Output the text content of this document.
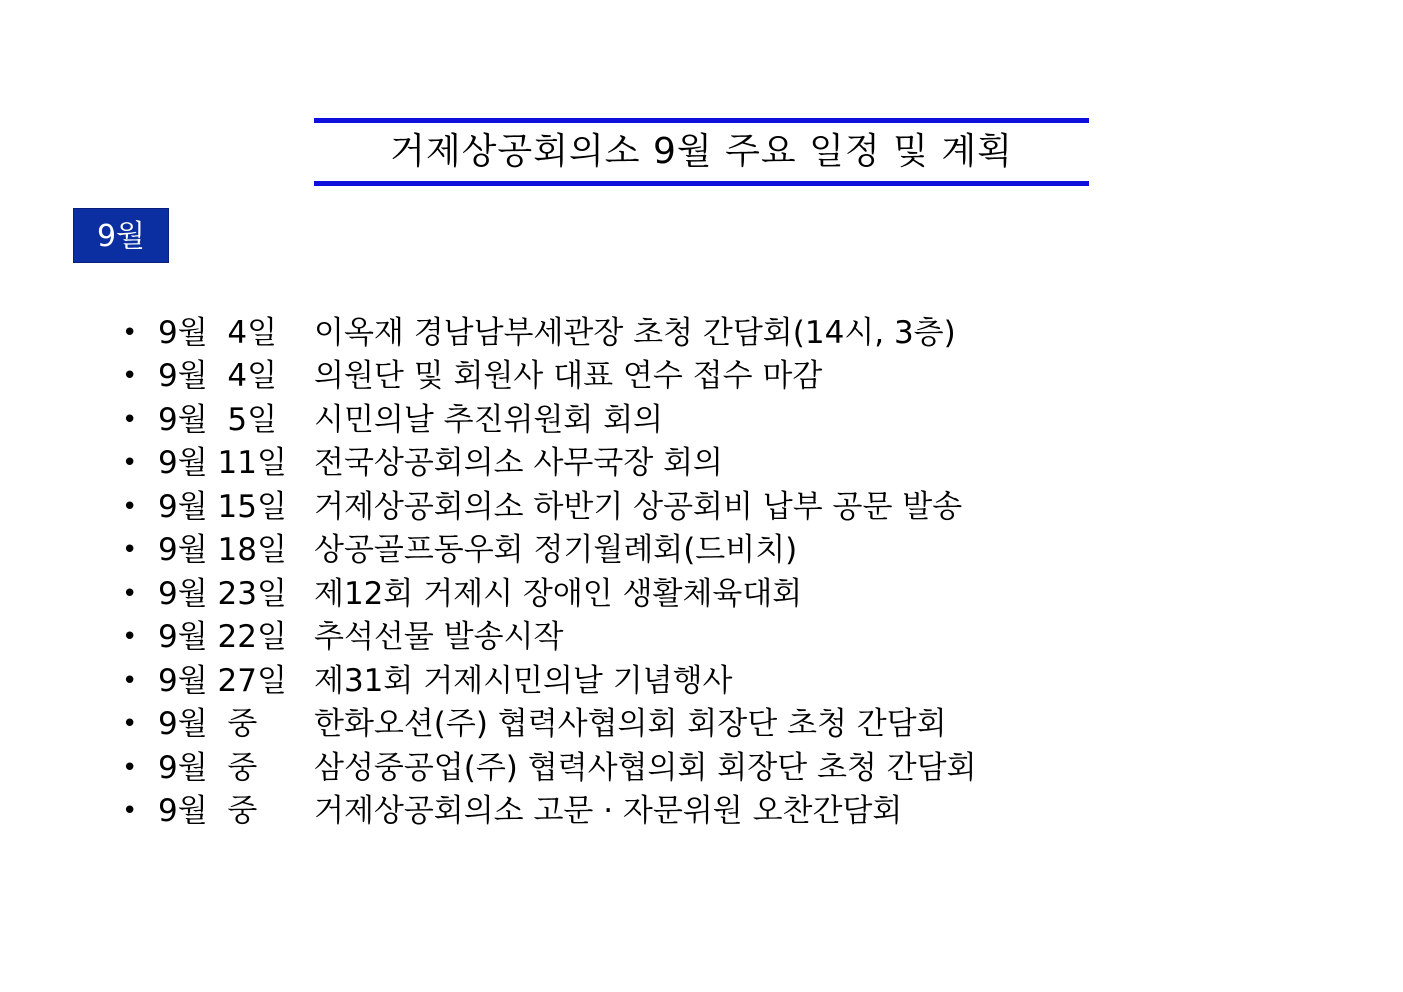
거제상공회의소 9월 주요 일정 및 계획
9월
• 9월  4일	이옥재 경남남부세관장 초청 간담회(14시, 3층)
• 9월  4일	의원단 및 회원사 대표 연수 접수 마감
• 9월  5일	시민의날 추진위원회 회의
• 9월 11일 전국상공회의소 사무국장 회의
• 9월 15일 거제상공회의소 하반기 상공회비 납부 공문 발송
• 9월 18일 상공골프동우회 정기월례회(드비치)
• 9월 23일 제12회 거제시 장애인 생활체육대회
• 9월 22일 추석선물 발송시작
• 9월 27일 제31회 거제시민의날 기념행사
• 9월  중	한화오션(주) 협력사협의회 회장단 초청 간담회
• 9월  중	삼성중공업(주) 협력사협의회 회장단 초청 간담회
• 9월  중	거제상공회의소 고문 · 자문위원 오찬간담회
